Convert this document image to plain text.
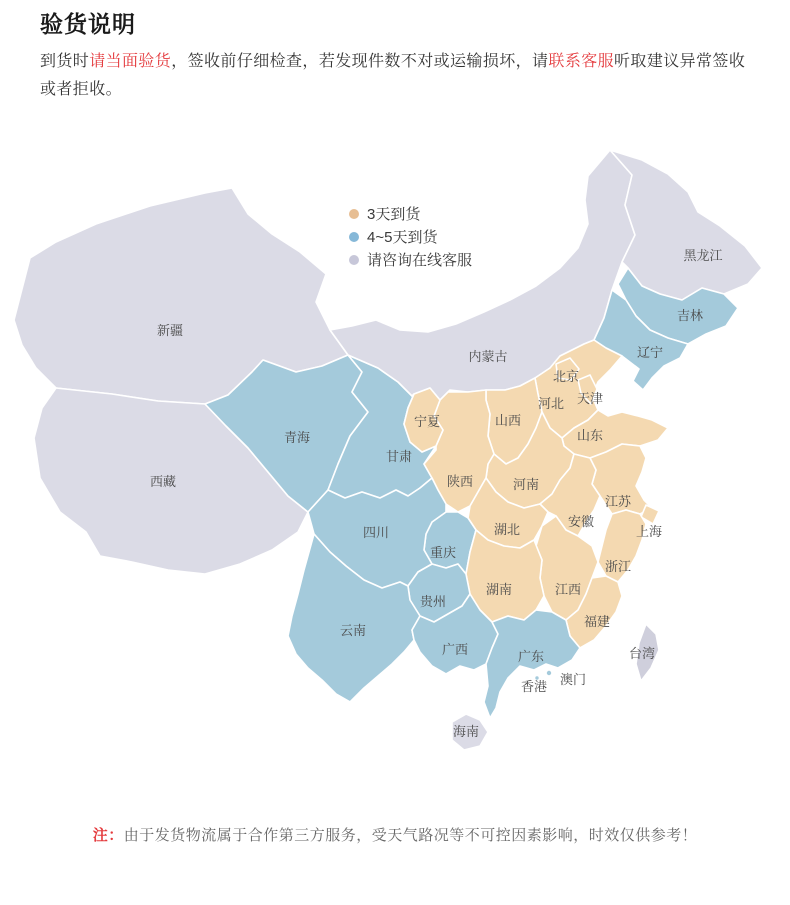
验货说明

到货时请当面验货，签收前仔细检查，若发现件数不对或运输损坏，请联系客服听取建议异常签收或者拒收。

新疆
西藏
内蒙古
黑龙江
吉林
辽宁
青海
甘肃
四川
重庆
贵州
云南
广西	广东
香港 澳门
北京
天津
河北
山西
山东
宁夏
陕西	河南
江苏
安徽
上海
湖北
浙江
湖南	江西
福建
台湾
海南
3天到货
4~5天到货
请咨询在线客服

注：由于发货物流属于合作第三方服务，受天气路况等不可控因素影响，时效仅供参考！
